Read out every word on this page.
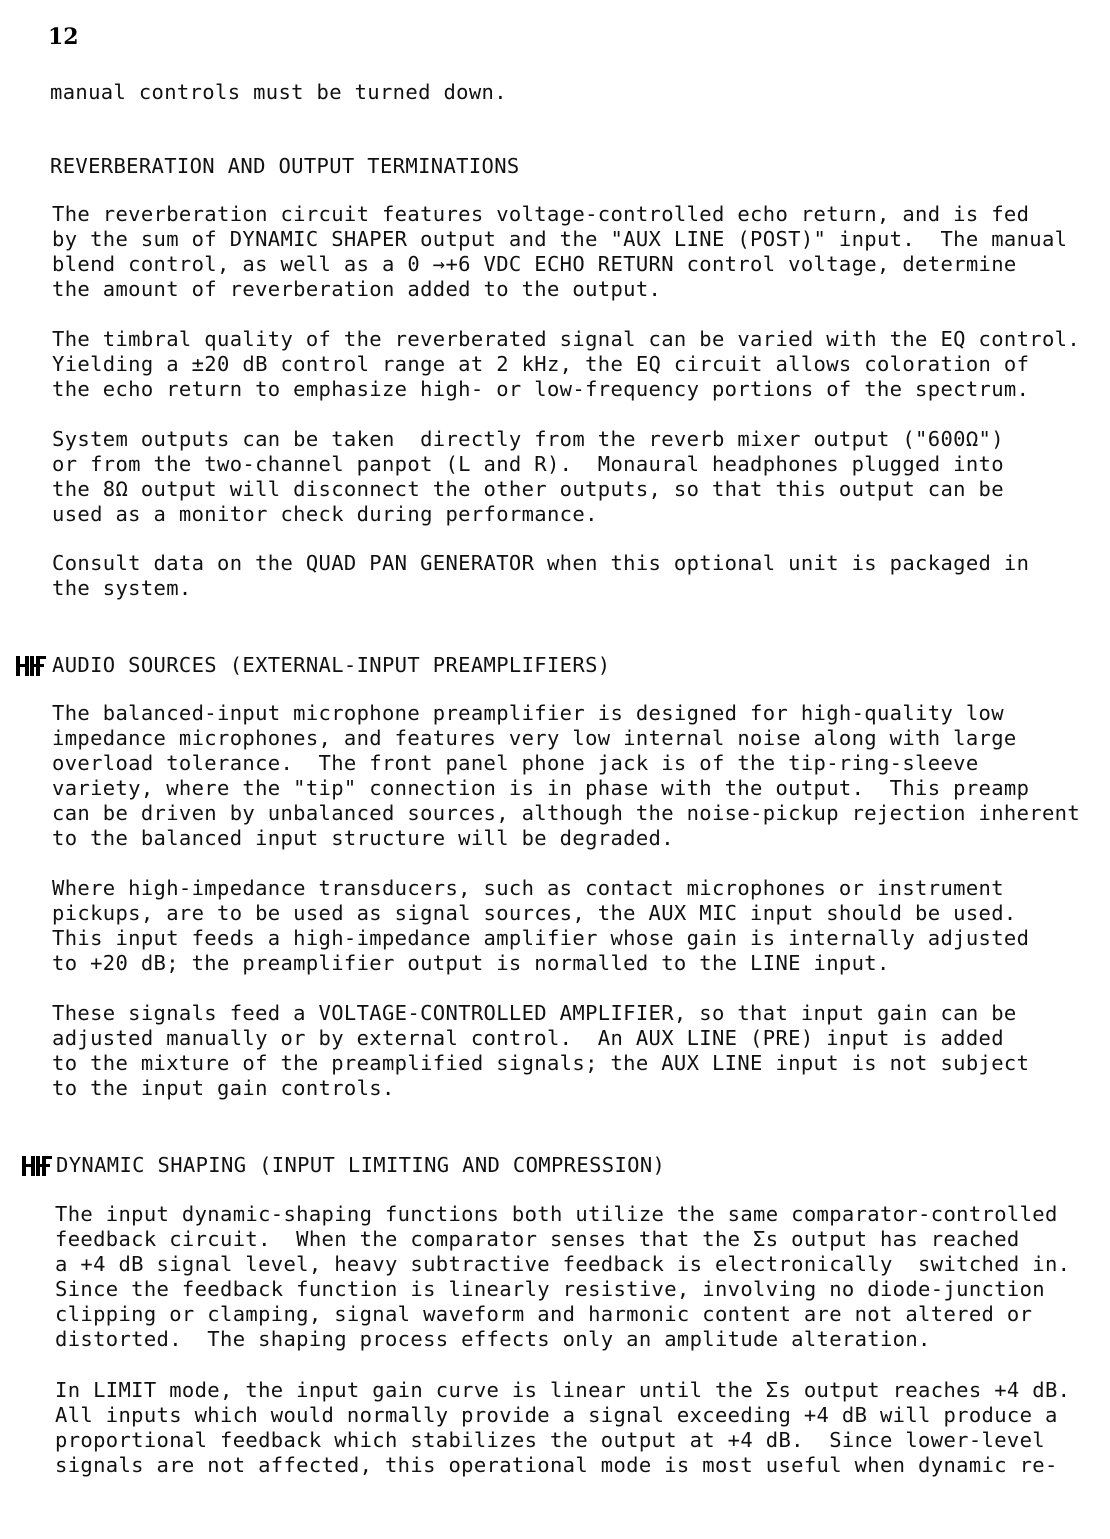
12
manual controls must be turned down.
REVERBERATION AND OUTPUT TERMINATIONS
The reverberation circuit features voltage-controlled echo return, and is fed
by the sum of DYNAMIC SHAPER output and the "AUX LINE (POST)" input.  The manual
blend control, as well as a 0 →+6 VDC ECHO RETURN control voltage, determine
the amount of reverberation added to the output.
The timbral quality of the reverberated signal can be varied with the EQ control.
Yielding a ±20 dB control range at 2 kHz, the EQ circuit allows coloration of
the echo return to emphasize high- or low-frequency portions of the spectrum.
System outputs can be taken  directly from the reverb mixer output ("600Ω")
or from the two-channel panpot (L and R).  Monaural headphones plugged into
the 8Ω output will disconnect the other outputs, so that this output can be
used as a monitor check during performance.
Consult data on the QUAD PAN GENERATOR when this optional unit is packaged in
the system.
AUDIO SOURCES (EXTERNAL-INPUT PREAMPLIFIERS)
The balanced-input microphone preamplifier is designed for high-quality low
impedance microphones, and features very low internal noise along with large
overload tolerance.  The front panel phone jack is of the tip-ring-sleeve
variety, where the "tip" connection is in phase with the output.  This preamp
can be driven by unbalanced sources, although the noise-pickup rejection inherent
to the balanced input structure will be degraded.
Where high-impedance transducers, such as contact microphones or instrument
pickups, are to be used as signal sources, the AUX MIC input should be used.
This input feeds a high-impedance amplifier whose gain is internally adjusted
to +20 dB; the preamplifier output is normalled to the LINE input.
These signals feed a VOLTAGE-CONTROLLED AMPLIFIER, so that input gain can be
adjusted manually or by external control.  An AUX LINE (PRE) input is added
to the mixture of the preamplified signals; the AUX LINE input is not subject
to the input gain controls.
DYNAMIC SHAPING (INPUT LIMITING AND COMPRESSION)
The input dynamic-shaping functions both utilize the same comparator-controlled
feedback circuit.  When the comparator senses that the Σs output has reached
a +4 dB signal level, heavy subtractive feedback is electronically  switched in.
Since the feedback function is linearly resistive, involving no diode-junction
clipping or clamping, signal waveform and harmonic content are not altered or
distorted.  The shaping process effects only an amplitude alteration.
In LIMIT mode, the input gain curve is linear until the Σs output reaches +4 dB.
All inputs which would normally provide a signal exceeding +4 dB will produce a
proportional feedback which stabilizes the output at +4 dB.  Since lower-level
signals are not affected, this operational mode is most useful when dynamic re-
